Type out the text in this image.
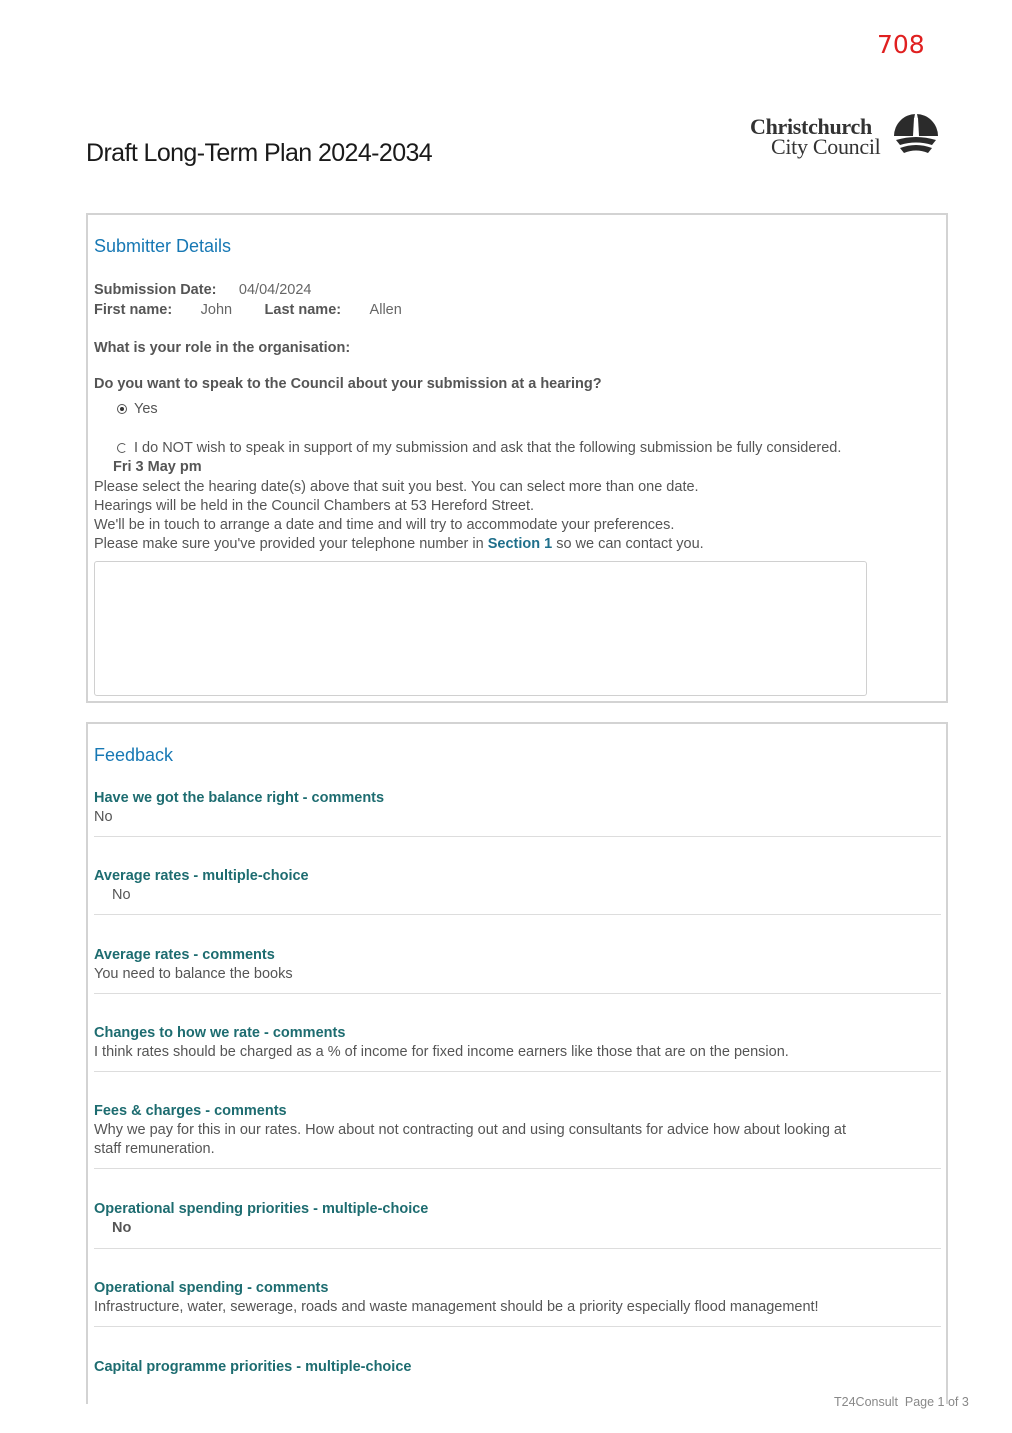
708
Draft Long-Term Plan 2024-2034
Christchurch
City Council
Submitter Details
Submission Date: 04/04/2024
First name: John Last name: Allen
What is your role in the organisation:
Do you want to speak to the Council about your submission at a hearing?
Yes
I do NOT wish to speak in support of my submission and ask that the following submission be fully considered.
Fri 3 May pm
Please select the hearing date(s) above that suit you best. You can select more than one date.
Hearings will be held in the Council Chambers at 53 Hereford Street.
We'll be in touch to arrange a date and time and will try to accommodate your preferences.
Please make sure you've provided your telephone number in Section 1 so we can contact you.
Feedback
Have we got the balance right - comments
No
Average rates - multiple-choice
No
Average rates - comments
You need to balance the books
Changes to how we rate - comments
I think rates should be charged as a % of income for fixed income earners like those that are on the pension.
Fees & charges - comments
Why we pay for this in our rates. How about not contracting out and using consultants for advice how about looking at
staff remuneration.
Operational spending priorities - multiple-choice
No
Operational spending - comments
Infrastructure, water, sewerage, roads and waste management should be a priority especially flood management!
Capital programme priorities - multiple-choice
T24Consult Page 1 of 3
